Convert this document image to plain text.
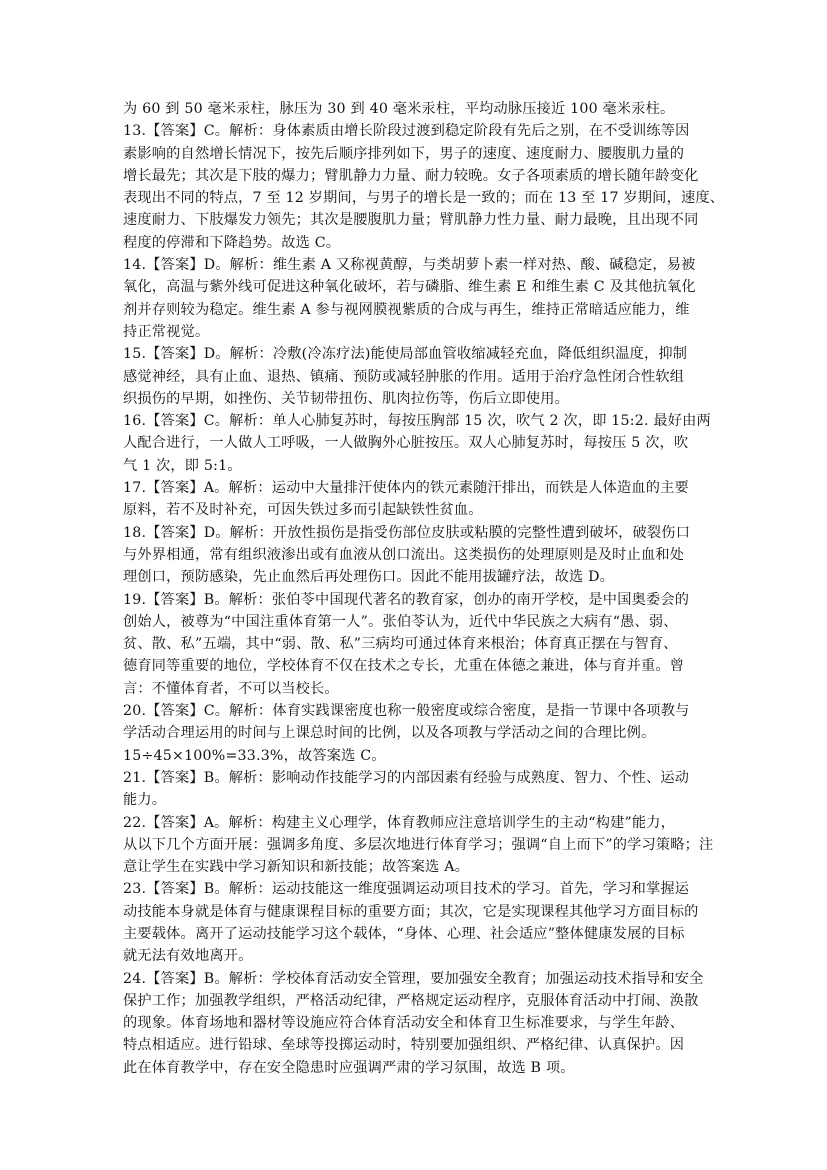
为 60 到 50 毫米汞柱，脉压为 30 到 40 毫米汞柱，平均动脉压接近 100 毫米汞柱。
13.【答案】C。解析：身体素质由增长阶段过渡到稳定阶段有先后之别，在不受训练等因
素影响的自然增长情况下，按先后顺序排列如下，男子的速度、速度耐力、腰腹肌力量的
增长最先；其次是下肢的爆力；臂肌静力力量、耐力较晚。女子各项素质的增长随年龄变化
表现出不同的特点，7 至 12 岁期间，与男子的增长是一致的；而在 13 至 17 岁期间，速度、
速度耐力、下肢爆发力领先；其次是腰腹肌力量；臂肌静力性力量、耐力最晚，且出现不同
程度的停滞和下降趋势。故选 C。
14.【答案】D。解析：维生素 A 又称视黄醇，与类胡萝卜素一样对热、酸、碱稳定，易被
氧化，高温与紫外线可促进这种氧化破坏，若与磷脂、维生素 E 和维生素 C 及其他抗氧化
剂并存则较为稳定。维生素 A 参与视网膜视紫质的合成与再生，维持正常暗适应能力，维
持正常视觉。
15.【答案】D。解析：冷敷(冷冻疗法)能使局部血管收缩减轻充血，降低组织温度，抑制
感觉神经，具有止血、退热、镇痛、预防或减轻肿胀的作用。适用于治疗急性闭合性软组
织损伤的早期，如挫伤、关节韧带扭伤、肌肉拉伤等，伤后立即使用。
16.【答案】C。解析：单人心肺复苏时，每按压胸部 15 次，吹气 2 次，即 15:2. 最好由两
人配合进行，一人做人工呼吸，一人做胸外心脏按压。双人心肺复苏时，每按压 5 次，吹
气 1 次，即 5:1。
17.【答案】A。解析：运动中大量排汗使体内的铁元素随汗排出，而铁是人体造血的主要
原料，若不及时补充，可因失铁过多而引起缺铁性贫血。
18.【答案】D。解析：开放性损伤是指受伤部位皮肤或粘膜的完整性遭到破坏，破裂伤口
与外界相通，常有组织液渗出或有血液从创口流出。这类损伤的处理原则是及时止血和处
理创口，预防感染，先止血然后再处理伤口。因此不能用拔罐疗法，故选 D。
19.【答案】B。解析：张伯苓中国现代著名的教育家，创办的南开学校，是中国奥委会的
创始人，被尊为“中国注重体育第一人”。张伯苓认为，近代中华民族之大病有“愚、弱、
贫、散、私”五端，其中“弱、散、私”三病均可通过体育来根治；体育真正摆在与智育、
德育同等重要的地位，学校体育不仅在技术之专长，尤重在体德之兼进，体与育并重。曾
言：不懂体育者，不可以当校长。
20.【答案】C。解析：体育实践课密度也称一般密度或综合密度，是指一节课中各项教与
学活动合理运用的时间与上课总时间的比例，以及各项教与学活动之间的合理比例。
15÷45×100%=33.3%，故答案选 C。
21.【答案】B。解析：影响动作技能学习的内部因素有经验与成熟度、智力、个性、运动
能力。
22.【答案】A。解析：构建主义心理学，体育教师应注意培训学生的主动“构建”能力，
从以下几个方面开展：强调多角度、多层次地进行体育学习；强调“自上而下”的学习策略；注
意让学生在实践中学习新知识和新技能；故答案选 A。
23.【答案】B。解析：运动技能这一维度强调运动项目技术的学习。首先，学习和掌握运
动技能本身就是体育与健康课程目标的重要方面；其次，它是实现课程其他学习方面目标的
主要载体。离开了运动技能学习这个载体，“身体、心理、社会适应”整体健康发展的目标
就无法有效地离开。
24.【答案】B。解析：学校体育活动安全管理，要加强安全教育；加强运动技术指导和安全
保护工作；加强教学组织，严格活动纪律，严格规定运动程序，克服体育活动中打闹、涣散
的现象。体育场地和器材等设施应符合体育活动安全和体育卫生标准要求，与学生年龄、
特点相适应。进行铅球、垒球等投掷运动时，特别要加强组织、严格纪律、认真保护。因
此在体育教学中，存在安全隐患时应强调严肃的学习氛围，故选 B 项。
